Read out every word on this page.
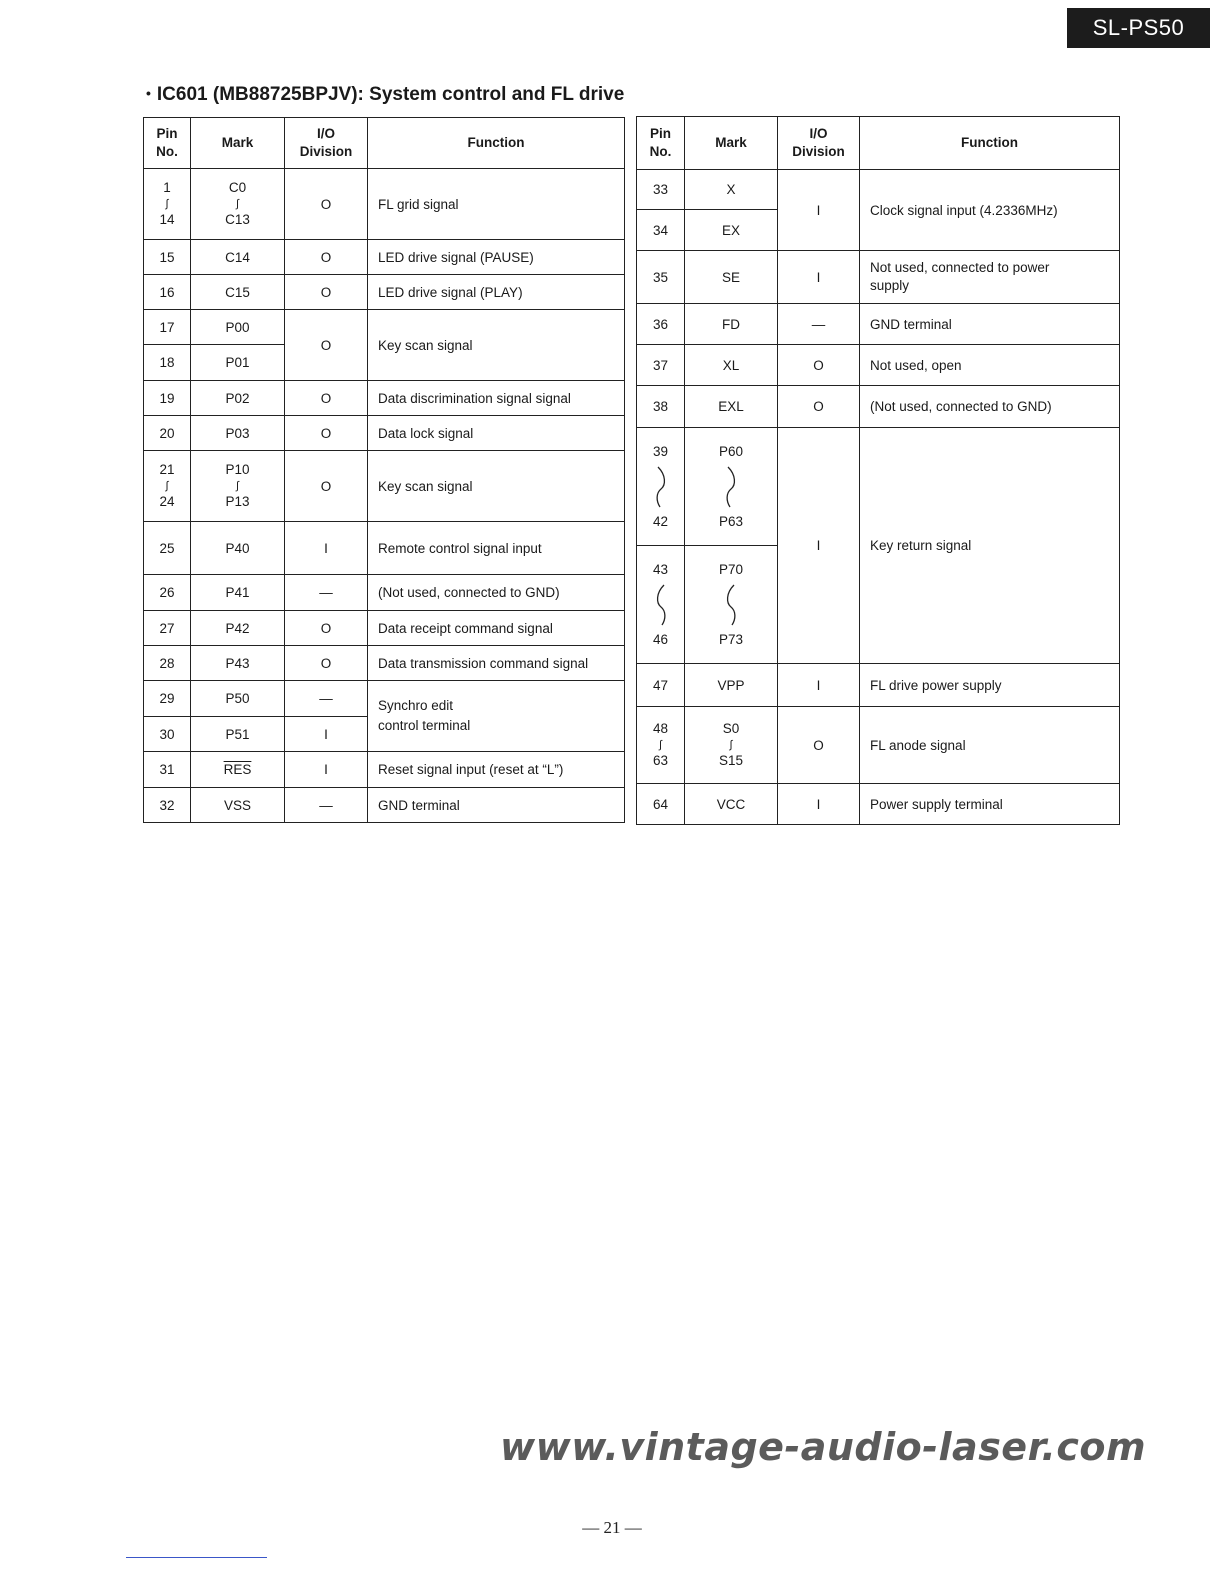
SL-PS50
• IC601 (MB88725BPJV): System control and FL drive
Pin
No.	Mark	I/O
Division	Function

1
∫
14	C0
∫
C13	O	FL grid signal
15	C14	O	LED drive signal (PAUSE)
16	C15	O	LED drive signal (PLAY)
17	P00	O	Key scan signal
18	P01		
19	P02	O	Data discrimination signal signal
20	P03	O	Data lock signal

21
∫
24	P10
∫
P13	O	Key scan signal
25	P40	I	Remote control signal input
26	P41	—	(Not used, connected to GND)
27	P42	O	Data receipt command signal
28	P43	O	Data transmission command signal
29	P50	—	Synchro edit
control terminal
30	P51	I	
31	$\overline{RES}$	I	Reset signal input (reset at “L”)
32	VSS	—	GND terminal
Pin
No.	Mark	I/O
Division	Function
33	X	I	Clock signal input (4.2336MHz)
34	EX		
35	SE	I	Not used, connected to power
supply
36	FD	—	GND terminal
37	XL	O	Not used, open
38	EXL	O	(Not used, connected to GND)

39
42	P60
P63	I	Key return signal

43
46	P70
P73		

47	VPP	I	FL drive power supply

48
∫
63	S0
∫
S15	O	FL anode signal
64	VCC	I	Power supply terminal
www.vintage-audio-laser.com
— 21 —
